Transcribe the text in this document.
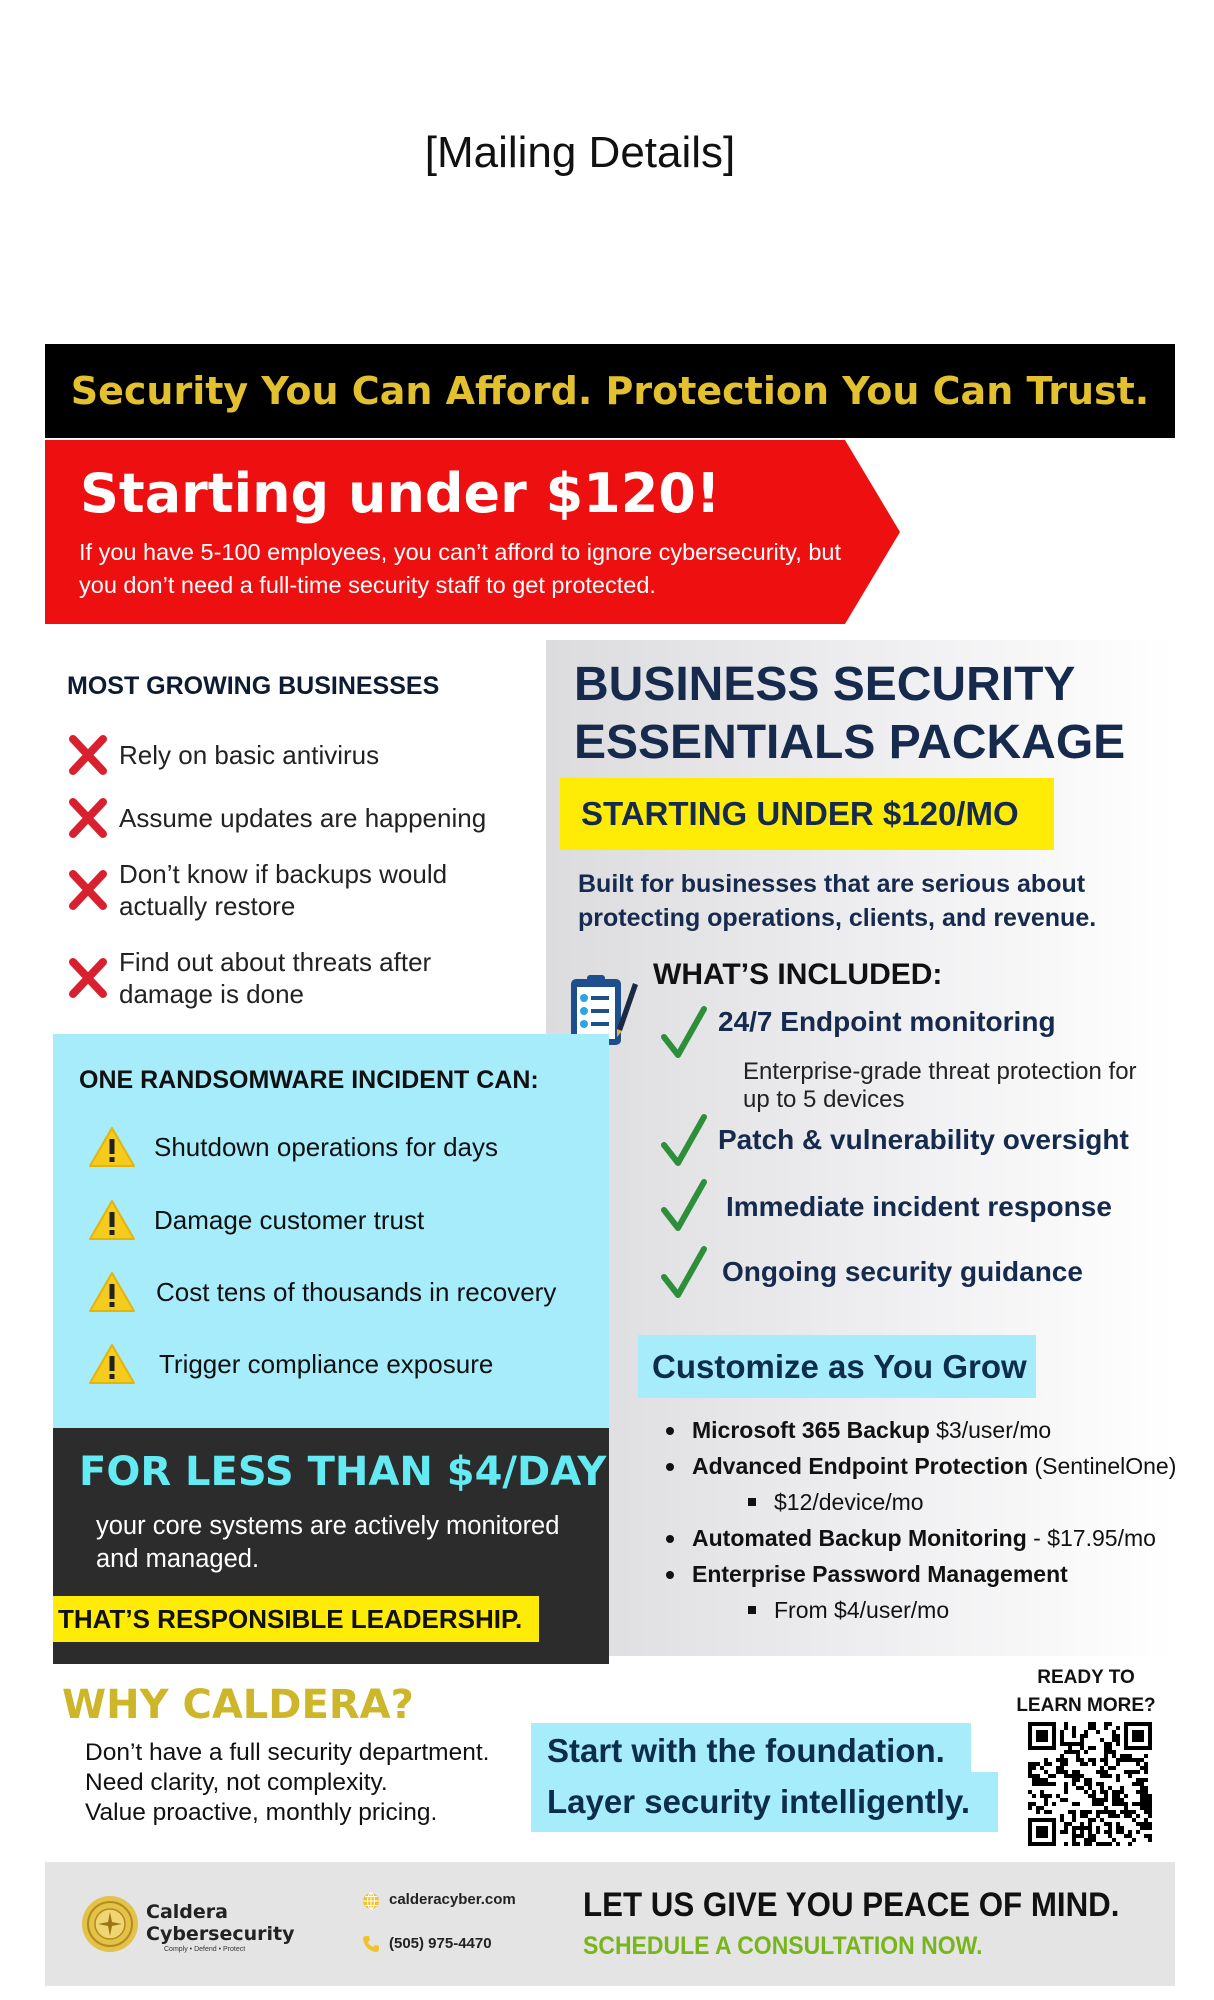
[Mailing Details]
Security You Can Afford. Protection You Can Trust.
Starting under $120!
If you have 5-100 employees, you can’t afford to ignore cybersecurity, but you don’t need a full-time security staff to get protected.
MOST GROWING BUSINESSES
Rely on basic antivirus
Assume updates are happening
Don’t know if backups would actually restore
Find out about threats after damage is done
BUSINESS SECURITY ESSENTIALS PACKAGE
STARTING UNDER $120/MO
Built for businesses that are serious about protecting operations, clients, and revenue.
WHAT’S INCLUDED:
24/7 Endpoint monitoring
Enterprise-grade threat protection for up to 5 devices
Patch & vulnerability oversight
Immediate incident response
Ongoing security guidance
Customize as You Grow
Microsoft 365 Backup $3/user/mo
Advanced Endpoint Protection (SentinelOne)
$12/device/mo
Automated Backup Monitoring - $17.95/mo
Enterprise Password Management
From $4/user/mo
ONE RANDSOMWARE INCIDENT CAN:
Shutdown operations for days
Damage customer trust
Cost tens of thousands in recovery
Trigger compliance exposure
FOR LESS THAN $4/DAY
your core systems are actively monitored and managed.
THAT’S RESPONSIBLE LEADERSHIP.
WHY CALDERA?
Don’t have a full security department.
Need clarity, not complexity.
Value proactive, monthly pricing.
Start with the foundation.
Layer security intelligently.
READY TO
LEARN MORE?
Caldera
Cybersecurity
Comply • Defend • Protect
calderacyber.com
(505) 975-4470
LET US GIVE YOU PEACE OF MIND.
SCHEDULE A CONSULTATION NOW.
